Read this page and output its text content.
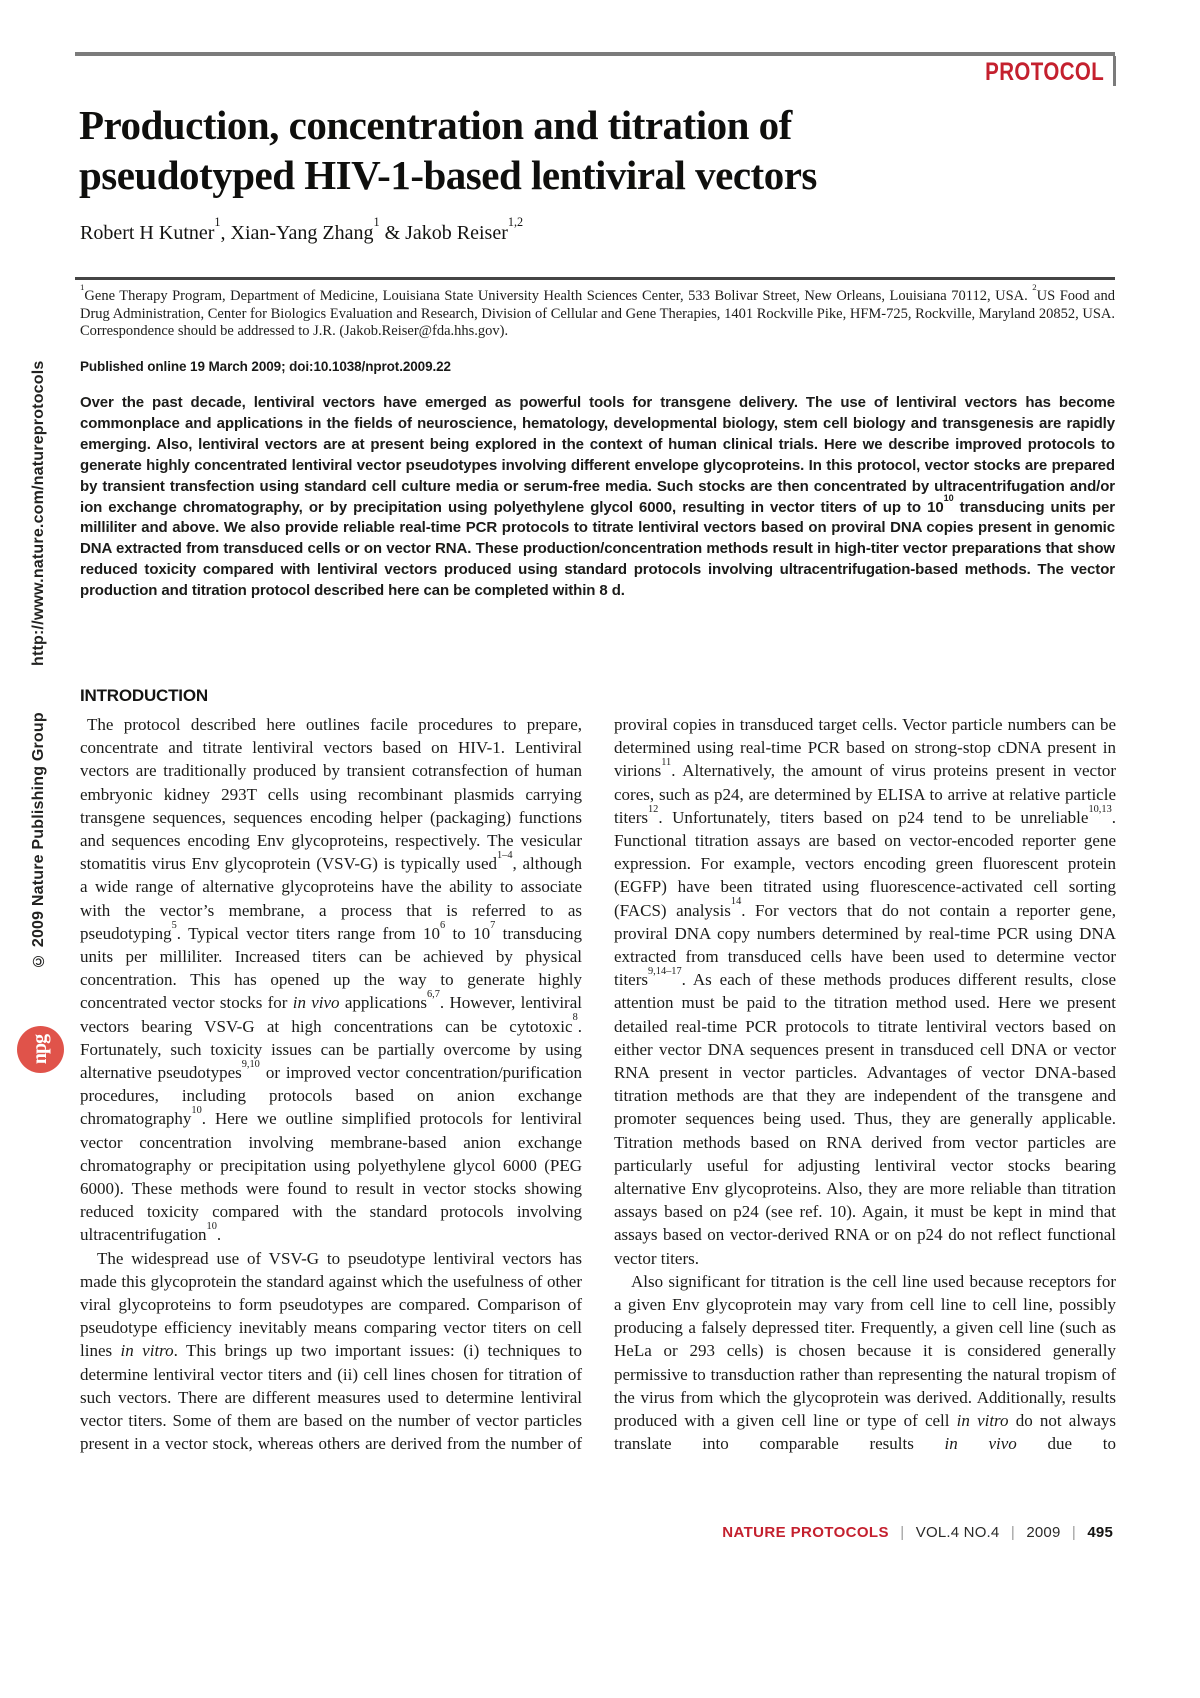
PROTOCOL
Production, concentration and titration of
pseudotyped HIV-1-based lentiviral vectors

Robert H Kutner$^1$, Xian-Yang Zhang$^1$ & Jakob Reiser$^{1,2}$

$^1$Gene Therapy Program, Department of Medicine, Louisiana State University Health Sciences Center, 533 Bolivar Street, New Orleans, Louisiana 70112, USA. $^2$US Food and Drug Administration, Center for Biologics Evaluation and Research, Division of Cellular and Gene Therapies, 1401 Rockville Pike, HFM-725, Rockville, Maryland 20852, USA. Correspondence should be addressed to J.R. (Jakob.Reiser@fda.hhs.gov).

Published online 19 March 2009; doi:10.1038/nprot.2009.22

Over the past decade, lentiviral vectors have emerged as powerful tools for transgene delivery. The use of lentiviral vectors has become commonplace and applications in the fields of neuroscience, hematology, developmental biology, stem cell biology and transgenesis are rapidly emerging. Also, lentiviral vectors are at present being explored in the context of human clinical trials. Here we describe improved protocols to generate highly concentrated lentiviral vector pseudotypes involving different envelope glycoproteins. In this protocol, vector stocks are prepared by transient transfection using standard cell culture media or serum-free media. Such stocks are then concentrated by ultracentrifugation and/or ion exchange chromatography, or by precipitation using polyethylene glycol 6000, resulting in vector titers of up to $10^{10}$ transducing units per milliliter and above. We also provide reliable real-time PCR protocols to titrate lentiviral vectors based on proviral DNA copies present in genomic DNA extracted from transduced cells or on vector RNA. These production/concentration methods result in high-titer vector preparations that show reduced toxicity compared with lentiviral vectors produced using standard protocols involving ultracentrifugation-based methods. The vector production and titration protocol described here can be completed within 8 d.

INTRODUCTION

The protocol described here outlines facile procedures to prepare, concentrate and titrate lentiviral vectors based on HIV-1. Lentiviral vectors are traditionally produced by transient cotransfection of human embryonic kidney 293T cells using recombinant plasmids carrying transgene sequences, sequences encoding helper (packaging) functions and sequences encoding Env glycoproteins, respectively. The vesicular stomatitis virus Env glycoprotein (VSV-G) is typically used$^{1-4}$, although a wide range of alternative glycoproteins have the ability to associate with the vector’s membrane, a process that is referred to as pseudotyping$^5$. Typical vector titers range from $10^6$ to $10^7$ transducing units per milliliter. Increased titers can be achieved by physical concentration. This has opened up the way to generate highly concentrated vector stocks for in vivo applications$^{6,7}$. However, lentiviral vectors bearing VSV-G at high concentrations can be cytotoxic$^8$. Fortunately, such toxicity issues can be partially overcome by using alternative pseudotypes$^{9,10}$ or improved vector concentration/purification procedures, including protocols based on anion exchange chromatography$^{10}$. Here we outline simplified protocols for lentiviral vector concentration involving membrane-based anion exchange chromatography or precipitation using polyethylene glycol 6000 (PEG 6000). These methods were found to result in vector stocks showing reduced toxicity compared with the standard protocols involving ultracentrifugation$^{10}$.

The widespread use of VSV-G to pseudotype lentiviral vectors has made this glycoprotein the standard against which the usefulness of other viral glycoproteins to form pseudotypes are compared. Comparison of pseudotype efficiency inevitably means comparing vector titers on cell lines in vitro. This brings up two important issues: (i) techniques to determine lentiviral vector titers and (ii) cell lines chosen for titration of such vectors. There are different measures used to determine lentiviral vector titers. Some of them are based on the number of vector particles present in a vector stock, whereas others are derived from the number of

proviral copies in transduced target cells. Vector particle numbers can be determined using real-time PCR based on strong-stop cDNA present in virions$^{11}$. Alternatively, the amount of virus proteins present in vector cores, such as p24, are determined by ELISA to arrive at relative particle titers$^{12}$. Unfortunately, titers based on p24 tend to be unreliable$^{10,13}$. Functional titration assays are based on vector-encoded reporter gene expression. For example, vectors encoding green fluorescent protein (EGFP) have been titrated using fluorescence-activated cell sorting (FACS) analysis$^{14}$. For vectors that do not contain a reporter gene, proviral DNA copy numbers determined by real-time PCR using DNA extracted from transduced cells have been used to determine vector titers$^{9,14-17}$. As each of these methods produces different results, close attention must be paid to the titration method used. Here we present detailed real-time PCR protocols to titrate lentiviral vectors based on either vector DNA sequences present in transduced cell DNA or vector RNA present in vector particles. Advantages of vector DNA-based titration methods are that they are independent of the transgene and promoter sequences being used. Thus, they are generally applicable. Titration methods based on RNA derived from vector particles are particularly useful for adjusting lentiviral vector stocks bearing alternative Env glycoproteins. Also, they are more reliable than titration assays based on p24 (see ref. 10). Again, it must be kept in mind that assays based on vector-derived RNA or on p24 do not reflect functional vector titers.

Also significant for titration is the cell line used because receptors for a given Env glycoprotein may vary from cell line to cell line, possibly producing a falsely depressed titer. Frequently, a given cell line (such as HeLa or 293 cells) is chosen because it is considered generally permissive to transduction rather than representing the natural tropism of the virus from which the glycoprotein was derived. Additionally, results produced with a given cell line or type of cell in vitro do not always translate into comparable results in vivo due to

NATURE PROTOCOLS | VOL.4 NO.4 | 2009 | 495

© 2009 Nature Publishing Group http://www.nature.com/natureprotocols
npg
